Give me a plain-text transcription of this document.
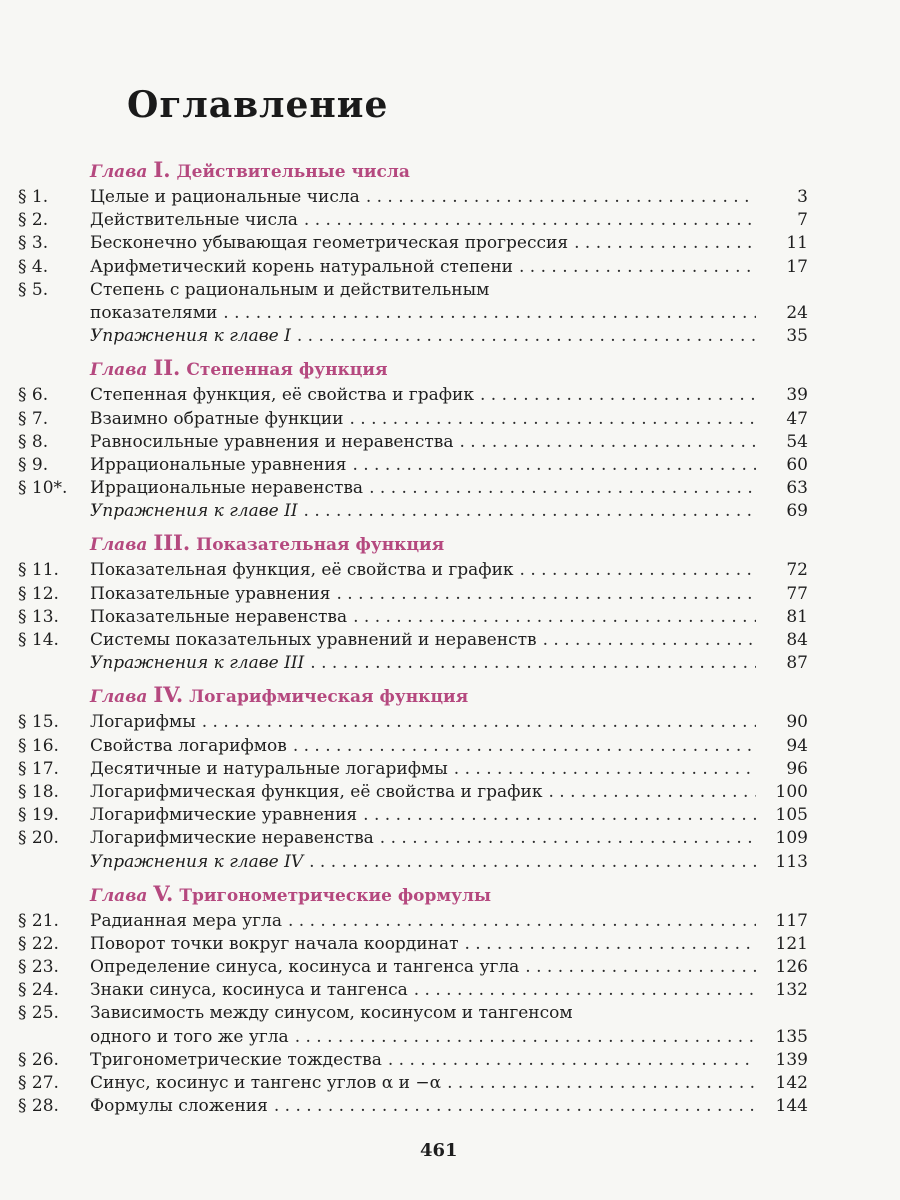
Оглавление
Глава I. Действительные числа
§ 1.	Целые и рациональные числа . . .	3
§ 2.	Действительные числа . . .	7
§ 3.	Бесконечно убывающая геометрическая прогрессия . . .	11
§ 4.	Арифметический корень натуральной степени . . .	17
§ 5.	Степень с рациональным и действительным
показателями . . .	24
Упражнения к главе I . . .	35
Глава II. Степенная функция
§ 6.	Степенная функция, её свойства и график . . .	39
§ 7.	Взаимно обратные функции . . .	47
§ 8.	Равносильные уравнения и неравенства . . .	54
§ 9.	Иррациональные уравнения . . .	60
§ 10*.	Иррациональные неравенства . . .	63
Упражнения к главе II . . .	69
Глава III. Показательная функция
§ 11.	Показательная функция, её свойства и график . . .	72
§ 12.	Показательные уравнения . . .	77
§ 13.	Показательные неравенства . . .	81
§ 14.	Системы показательных уравнений и неравенств . . .	84
Упражнения к главе III . . .	87
Глава IV. Логарифмическая функция
§ 15.	Логарифмы . . .	90
§ 16.	Свойства логарифмов . . .	94
§ 17.	Десятичные и натуральные логарифмы . . .	96
§ 18.	Логарифмическая функция, её свойства и график . . .	100
§ 19.	Логарифмические уравнения . . .	105
§ 20.	Логарифмические неравенства . . .	109
Упражнения к главе IV . . .	113
Глава V. Тригонометрические формулы
§ 21.	Радианная мера угла . . .	117
§ 22.	Поворот точки вокруг начала координат . . .	121
§ 23.	Определение синуса, косинуса и тангенса угла . . .	126
§ 24.	Знаки синуса, косинуса и тангенса . . .	132
§ 25.	Зависимость между синусом, косинусом и тангенсом
одного и того же угла . . .	135
§ 26.	Тригонометрические тождества . . .	139
§ 27.	Синус, косинус и тангенс углов α и −α . . .	142
§ 28.	Формулы сложения . . .	144
461
